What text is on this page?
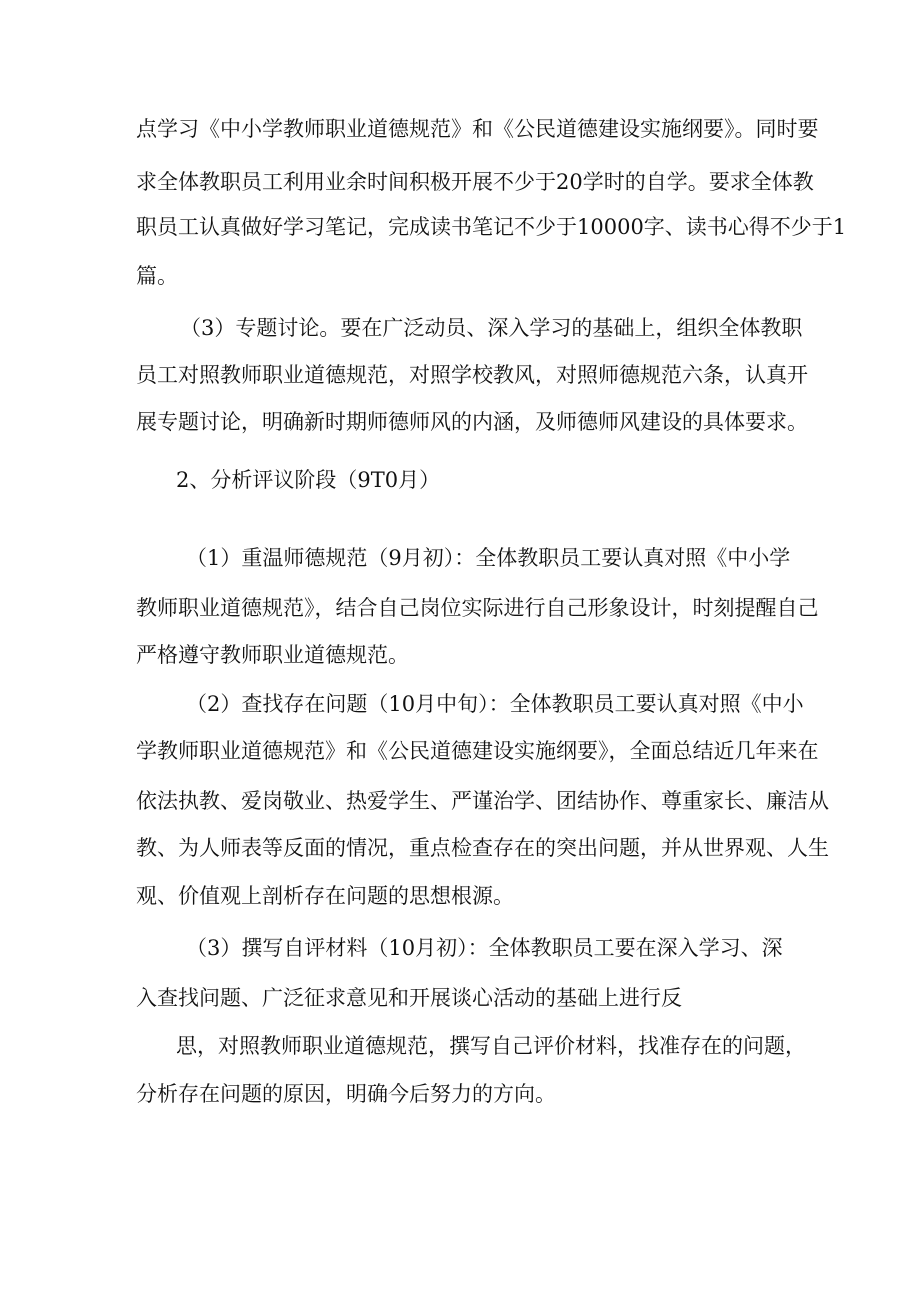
点学习《中小学教师职业道德规范》和《公民道德建设实施纲要》。同时要

求全体教职员工利用业余时间积极开展不少于20学时的自学。要求全体教

职员工认真做好学习笔记，完成读书笔记不少于10000字、读书心得不少于1

篇。

（3）专题讨论。要在广泛动员、深入学习的基础上，组织全体教职

员工对照教师职业道德规范，对照学校教风，对照师德规范六条，认真开

展专题讨论，明确新时期师德师风的内涵，及师德师风建设的具体要求。

2、分析评议阶段（9T0月）

（1）重温师德规范（9月初）：全体教职员工要认真对照《中小学

教师职业道德规范》，结合自己岗位实际进行自己形象设计，时刻提醒自己

严格遵守教师职业道德规范。

（2）查找存在问题（10月中旬）：全体教职员工要认真对照《中小

学教师职业道德规范》和《公民道德建设实施纲要》，全面总结近几年来在

依法执教、爱岗敬业、热爱学生、严谨治学、团结协作、尊重家长、廉洁从

教、为人师表等反面的情况，重点检查存在的突出问题，并从世界观、人生

观、价值观上剖析存在问题的思想根源。

（3）撰写自评材料（10月初）：全体教职员工要在深入学习、深

入查找问题、广泛征求意见和开展谈心活动的基础上进行反

思，对照教师职业道德规范，撰写自己评价材料，找准存在的问题，

分析存在问题的原因，明确今后努力的方向。
